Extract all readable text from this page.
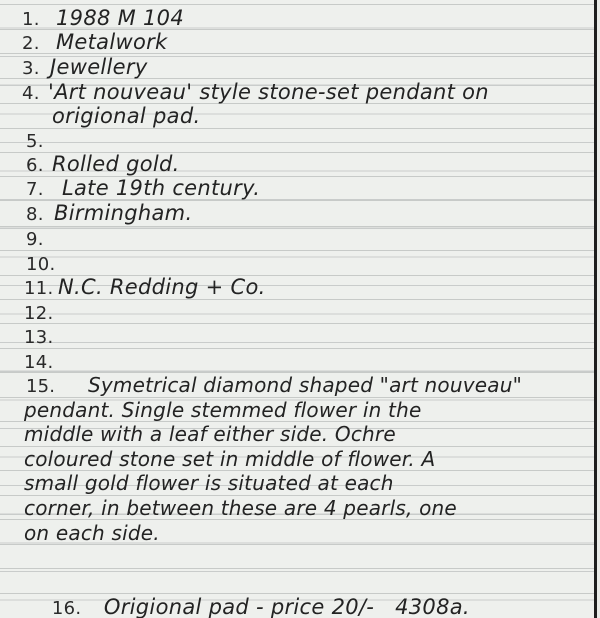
1. 1988 M 104
2. Metalwork
3. Jewellery
4. 'Art nouveau' style stone-set pendant on
origional pad.
5.
6. Rolled gold.
7. Late 19th century.
8. Birmingham.
9.
10.
11. N.C. Redding + Co.
12.
13.
14.
15. Symetrical diamond shaped "art nouveau"
pendant. Single stemmed flower in the
middle with a leaf either side. Ochre
coloured stone set in middle of flower. A
small gold flower is situated at each
corner, in between these are 4 pearls, one
on each side.

16. Origional pad - price 20/-   4308a.
